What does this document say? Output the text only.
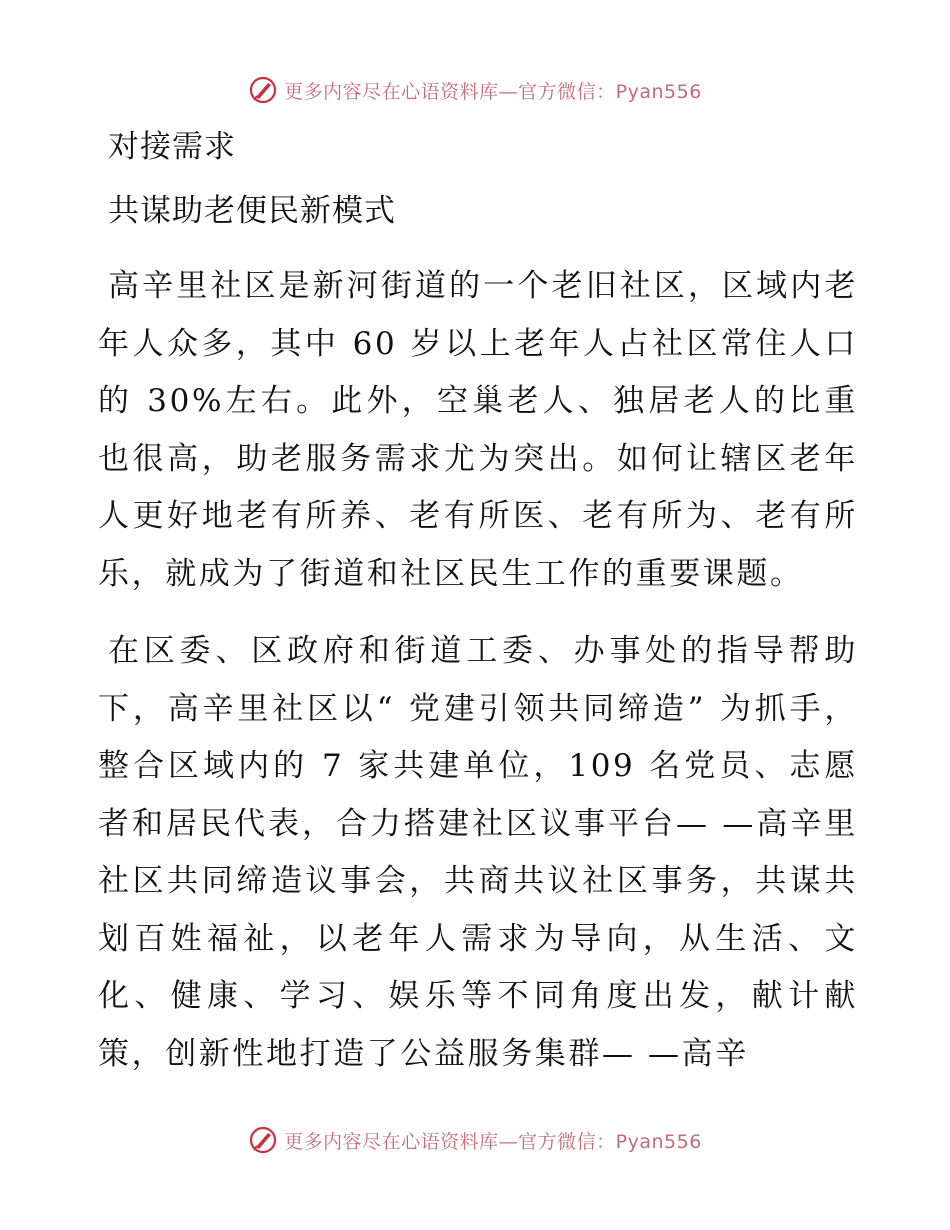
更多内容尽在心语资料库—官方微信：Pyan556

对接需求

共谋助老便民新模式

高辛里社区是新河街道的一个老旧社区，区域内老年人众多，其中 60 岁以上老年人占社区常住人口的 30%左右。此外，空巢老人、独居老人的比重也很高，助老服务需求尤为突出。如何让辖区老年人更好地老有所养、老有所医、老有所为、老有所乐，就成为了街道和社区民生工作的重要课题。

在区委、区政府和街道工委、办事处的指导帮助下，高辛里社区以“ 党建引领共同缔造” 为抓手，整合区域内的 7 家共建单位，109 名党员、志愿者和居民代表，合力搭建社区议事平台— —高辛里社区共同缔造议事会，共商共议社区事务，共谋共划百姓福祉，以老年人需求为导向，从生活、文化、健康、学习、娱乐等不同角度出发，献计献策，创新性地打造了公益服务集群— —高辛

更多内容尽在心语资料库—官方微信：Pyan556
